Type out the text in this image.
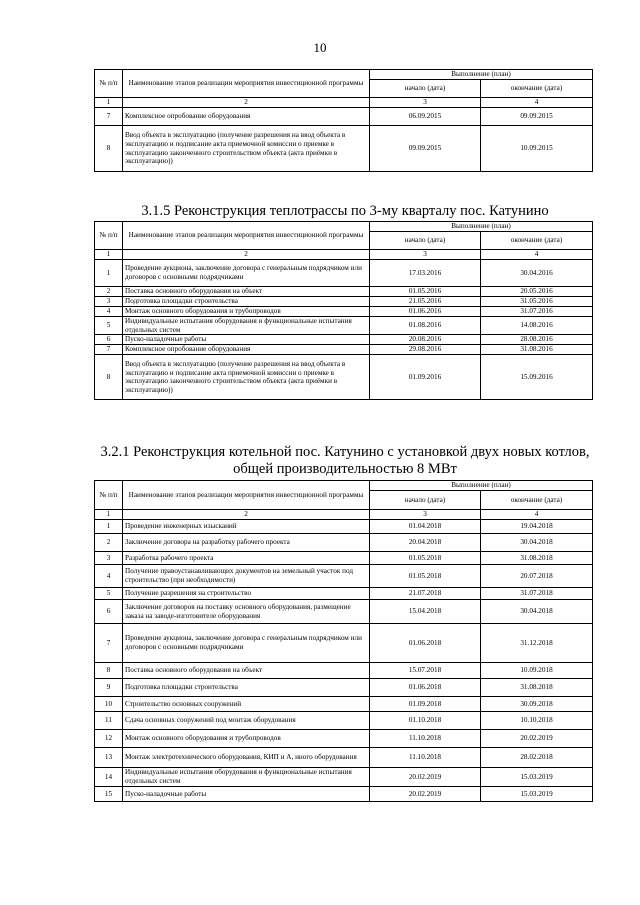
10
№ п/п	Наименование этапов реализации мероприятия инвестиционной программы	Выполнение (план)	
		начало (дата)	окончание (дата)
1	2	3	4
7	Комплексное опробование оборудования	06.09.2015	09.09.2015
8	Ввод объекта в эксплуатацию (получение разрешения на ввод объекта в эксплуатацию и подписание акта приемочной комиссии о приемке в эксплуатацию законченного строительством объекта (акта приёмки в эксплуатацию))	09.09.2015	10.09.2015
3.1.5 Реконструкция теплотрассы по 3-му кварталу пос. Катунино
№ п/п	Наименование этапов реализации мероприятия инвестиционной программы	Выполнение (план)	
		начало (дата)	окончание (дата)
1	2	3	4
1	Проведение аукциона, заключение договора с генеральным подрядчиком или договоров с основными подрядчиками	17.03.2016	30.04.2016
2	Поставка основного оборудования на объект	01.05.2016	20.05.2016
3	Подготовка площадки строительства	21.05.2016	31.05.2016
4	Монтаж основного оборудования и трубопроводов	01.06.2016	31.07.2016
5	Индивидуальные испытания оборудования и функциональные испытания отдельных систем	01.08.2016	14.08.2016
6	Пуско-наладочные работы	20.08.2016	28.08.2016
7	Комплексное опробование оборудования	29.08.2016	31.08.2016
8	Ввод объекта в эксплуатацию (получение разрешения на ввод объекта в эксплуатацию и подписание акта приемочной комиссии о приемке в эксплуатацию законченного строительством объекта (акта приёмки в эксплуатацию))	01.09.2016	15.09.2016
3.2.1 Реконструкция котельной пос. Катунино с установкой двух новых котлов, общей производительностью 8 МВт
№ п/п	Наименование этапов реализации мероприятия инвестиционной программы	Выполнение (план)	
		начало (дата)	окончание (дата)
1	2	3	4
1	Проведение инженерных изысканий	01.04.2018	19.04.2018
2	Заключение договора на разработку рабочего проекта	20.04.2018	30.04.2018
3	Разработка рабочего проекта	01.05.2018	31.08.2018
4	Получение правоустанавливающих документов на земельный участок под строительство (при необходимости)	01.05.2018	20.07.2018
5	Получение разрешения на строительство	21.07.2018	31.07.2018
6	Заключение договоров на поставку основного оборудования, размещение заказа на заводе-изготовителе оборудования	15.04.2018	30.04.2018
7	Проведение аукциона, заключение договора с генеральным подрядчиком или договоров с основными подрядчиками	01.06.2018	31.12.2018
8	Поставка основного оборудования на объект	15.07.2018	10.09.2018
9	Подготовка площадки строительства	01.06.2018	31.08.2018
10	Строительство основных сооружений	01.09.2018	30.09.2018
11	Сдача основных сооружений под монтаж оборудования	01.10.2018	10.10.2018
12	Монтаж основного оборудования и трубопроводов	11.10.2018	20.02.2019
13	Монтаж электротехнического оборудования, КИП и А, иного оборудования	11.10.2018	28.02.2018
14	Индивидуальные испытания оборудования и функциональные испытания отдельных систем	20.02.2019	15.03.2019
15	Пуско-наладочные работы	20.02.2019	15.03.2019
